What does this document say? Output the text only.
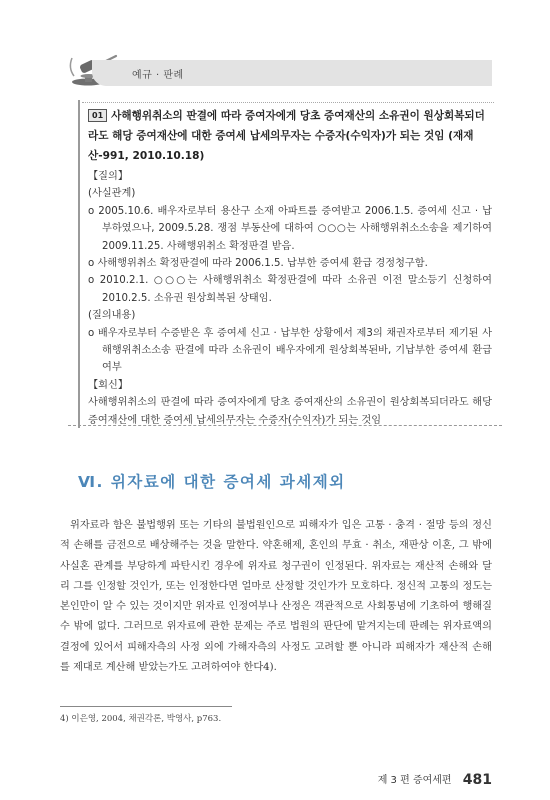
예규 · 판례
01 사해행위취소의 판결에 따라 증여자에게 당초 증여재산의 소유권이 원상회복되더라도 해당 증여재산에 대한 증여세 납세의무자는 수증자(수익자)가 되는 것임 (재재산-991, 2010.10.18)

【질의】

(사실관계)

o 2005.10.6. 배우자로부터 용산구 소재 아파트를 증여받고 2006.1.5. 증여세 신고 · 납부하였으나, 2009.5.28. 쟁점 부동산에 대하여 ○○○는 사해행위취소소송을 제기하여 2009.11.25. 사해행위취소 확정판결 받음.

o 사해행위취소 확정판결에 따라 2006.1.5. 납부한 증여세 환급 경정청구함.

o 2010.2.1. ○○○는 사해행위취소 확정판결에 따라 소유권 이전 말소등기 신청하여 2010.2.5. 소유권 원상회복된 상태임.

(질의내용)

o 배우자로부터 수증받은 후 증여세 신고 · 납부한 상황에서 제3의 채권자로부터 제기된 사해행위취소소송 판결에 따라 소유권이 배우자에게 원상회복된바, 기납부한 증여세 환급 여부

【회신】

사해행위취소의 판결에 따라 증여자에게 당초 증여재산의 소유권이 원상회복되더라도 해당 증여재산에 대한 증여세 납세의무자는 수증자(수익자)가 되는 것임

Ⅵ. 위자료에 대한 증여세 과세제외

위자료라 함은 불법행위 또는 기타의 불법원인으로 피해자가 입은 고통 · 충격 · 절망 등의 정신적 손해를 금전으로 배상해주는 것을 말한다. 약혼해제, 혼인의 무효 · 취소, 재판상 이혼, 그 밖에 사실혼 관계를 부당하게 파탄시킨 경우에 위자료 청구권이 인정된다. 위자료는 재산적 손해와 달리 그를 인정할 것인가, 또는 인정한다면 얼마로 산정할 것인가가 모호하다. 정신적 고통의 정도는 본인만이 알 수 있는 것이지만 위자료 인정여부나 산정은 객관적으로 사회통념에 기초하여 행해질 수 밖에 없다. 그러므로 위자료에 관한 문제는 주로 법원의 판단에 맡겨지는데 판례는 위자료액의 결정에 있어서 피해자측의 사정 외에 가해자측의 사정도 고려할 뿐 아니라 피해자가 재산적 손해를 제대로 계산해 받았는가도 고려하여야 한다4).

4) 이은영, 2004, 채권각론, 박영사, p763.
제 3 편 증여세편 481
